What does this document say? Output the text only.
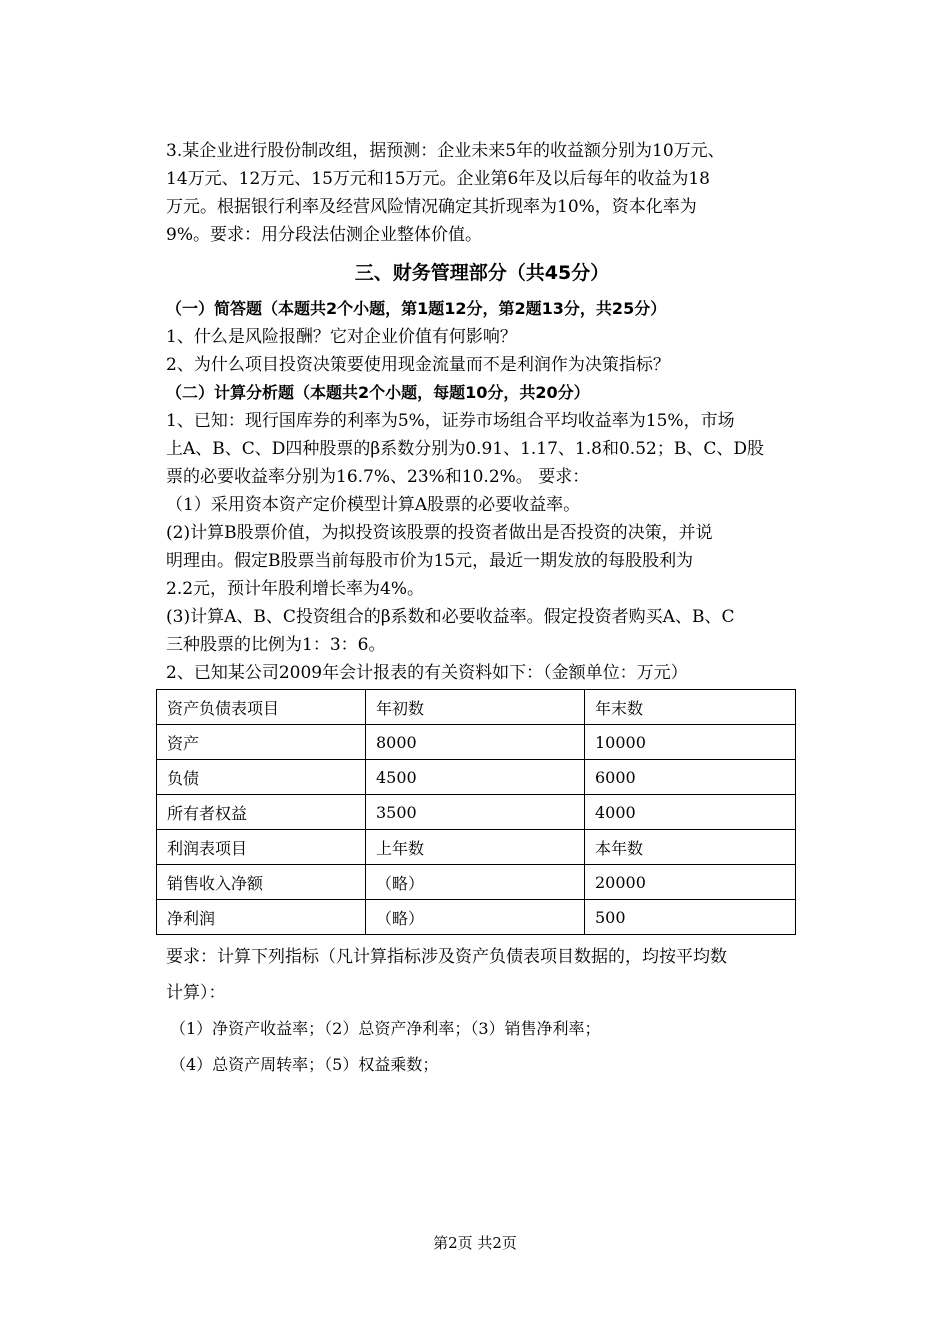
3.某企业进行股份制改组，据预测：企业未来5年的收益额分别为10万元、

14万元、12万元、15万元和15万元。企业第6年及以后每年的收益为18

万元。根据银行利率及经营风险情况确定其折现率为10%，资本化率为

9%。要求：用分段法估测企业整体价值。

三、财务管理部分（共45分）

（一）简答题（本题共2个小题，第1题12分，第2题13分，共25分）

1、什么是风险报酬？它对企业价值有何影响？

2、为什么项目投资决策要使用现金流量而不是利润作为决策指标？

（二）计算分析题（本题共2个小题，每题10分，共20分）

1、已知：现行国库券的利率为5%，证券市场组合平均收益率为15%，市场

上A、B、C、D四种股票的β系数分别为0.91、1.17、1.8和0.52；B、C、D股

票的必要收益率分别为16.7%、23%和10.2%。 要求：

（1）采用资本资产定价模型计算A股票的必要收益率。

(2)计算B股票价值，为拟投资该股票的投资者做出是否投资的决策，并说

明理由。假定B股票当前每股市价为15元，最近一期发放的每股股利为

2.2元，预计年股利增长率为4%。

(3)计算A、B、C投资组合的β系数和必要收益率。假定投资者购买A、B、C

三种股票的比例为1：3：6。

2、已知某公司2009年会计报表的有关资料如下：（金额单位：万元）

资产负债表项目	年初数	年末数
资产	8000	10000
负债	4500	6000
所有者权益	3500	4000
利润表项目	上年数	本年数
销售收入净额	（略）	20000
净利润	（略）	500

要求：计算下列指标（凡计算指标涉及资产负债表项目数据的，均按平均数

计算）：

（1）净资产收益率；（2）总资产净利率；（3）销售净利率；

（4）总资产周转率；（5）权益乘数；

第2页 共2页
